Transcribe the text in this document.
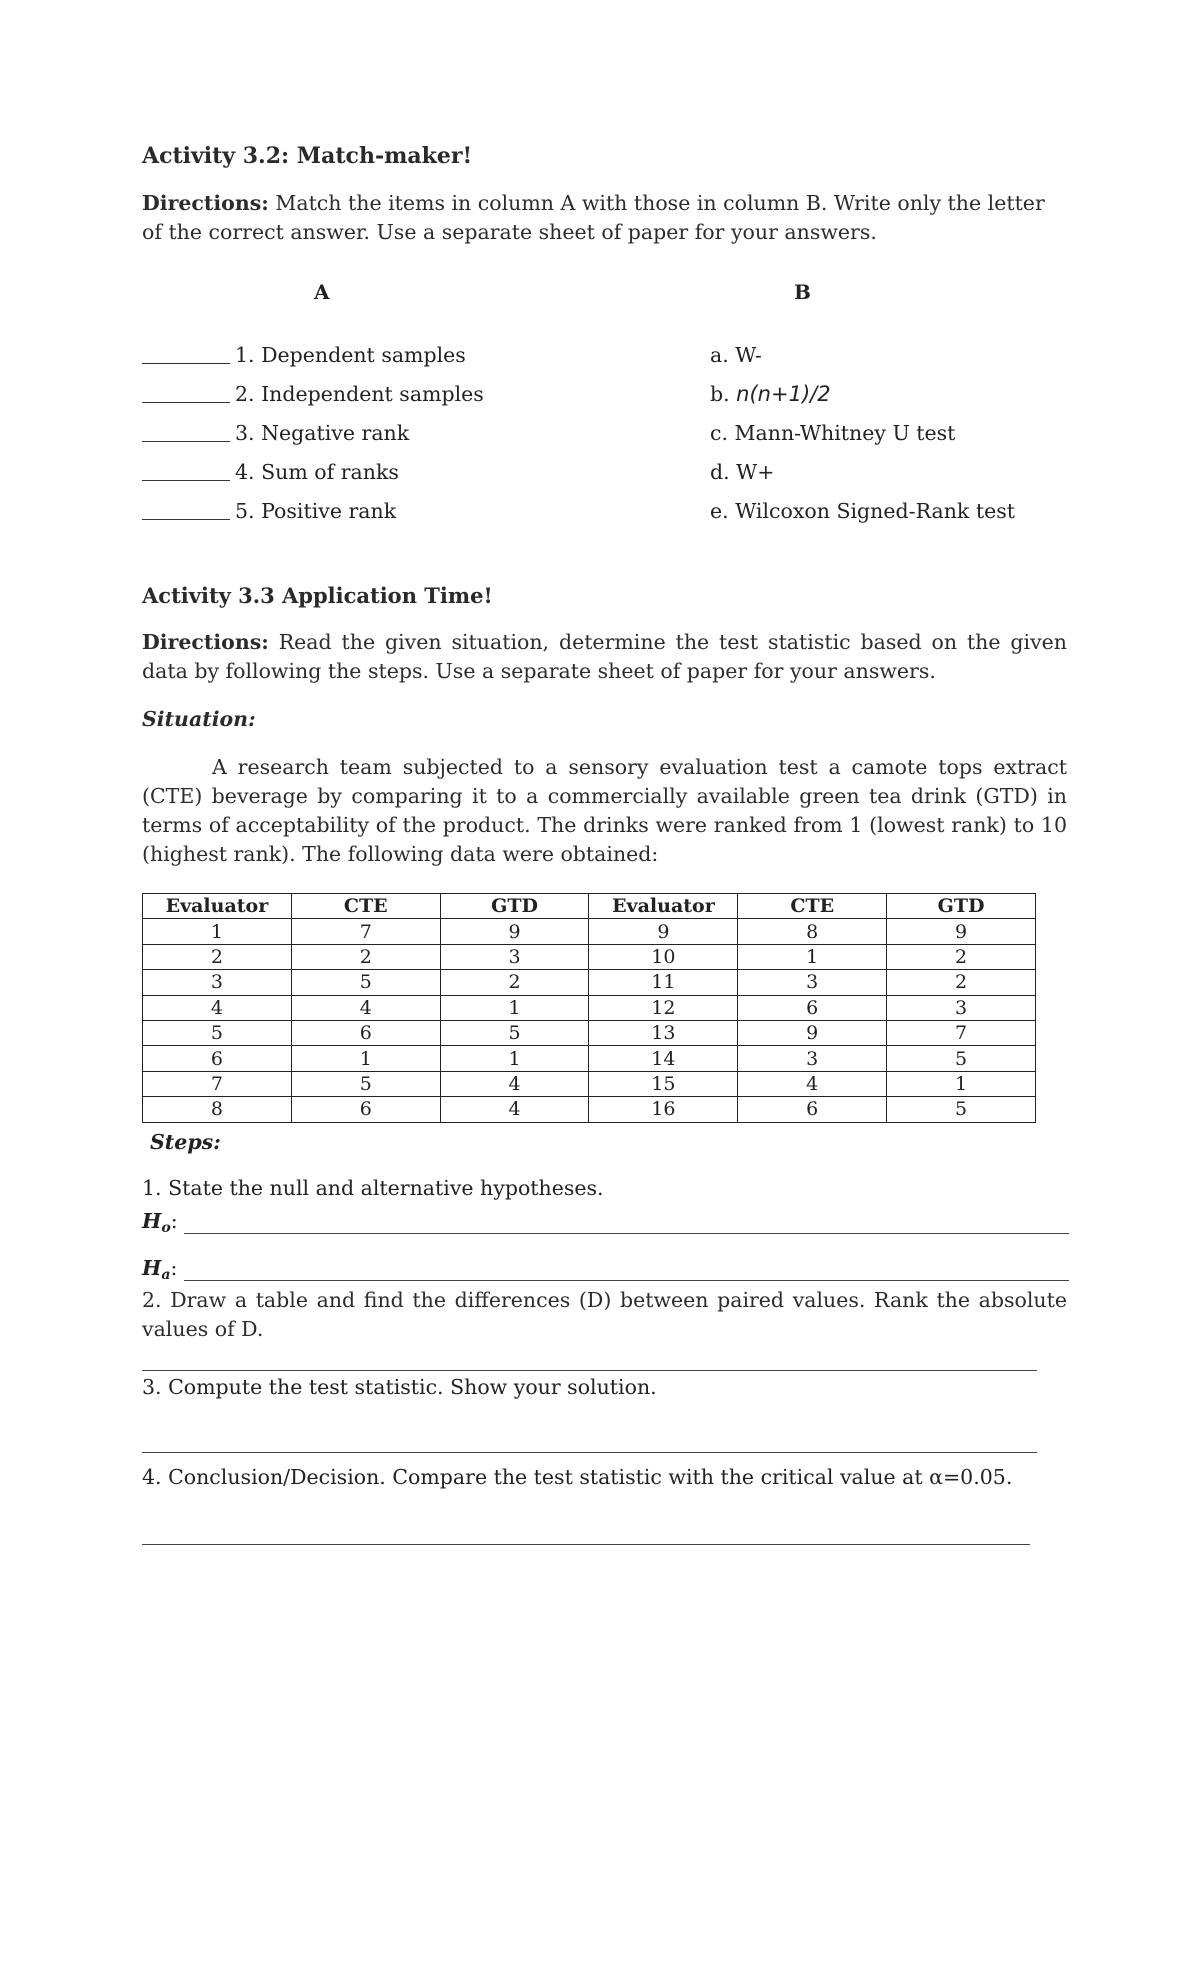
Activity 3.2: Match-maker!
Directions: Match the items in column A with those in column B. Write only the letter of the correct answer. Use a separate sheet of paper for your answers.
A	B
1. Dependent samples	a. W-
2. Independent samples	b. n(n+1)/2
3. Negative rank	c. Mann-Whitney U test
4. Sum of ranks	d. W+
5. Positive rank	e. Wilcoxon Signed-Rank test
Activity 3.3 Application Time!
Directions: Read the given situation, determine the test statistic based on the given data by following the steps. Use a separate sheet of paper for your answers.
Situation:
A research team subjected to a sensory evaluation test a camote tops extract (CTE) beverage by comparing it to a commercially available green tea drink (GTD) in terms of acceptability of the product. The drinks were ranked from 1 (lowest rank) to 10 (highest rank). The following data were obtained:
Evaluator	CTE	GTD	Evaluator	CTE	GTD
1	7	9	9	8	9
2	2	3	10	1	2
3	5	2	11	3	2
4	4	1	12	6	3
5	6	5	13	9	7
6	1	1	14	3	5
7	5	4	15	4	1
8	6	4	16	6	5
Steps:
1. State the null and alternative hypotheses.
$H_o$:
$H_a$:
2. Draw a table and find the differences (D) between paired values. Rank the absolute values of D.
3. Compute the test statistic. Show your solution.
4. Conclusion/Decision. Compare the test statistic with the critical value at α=0.05.
